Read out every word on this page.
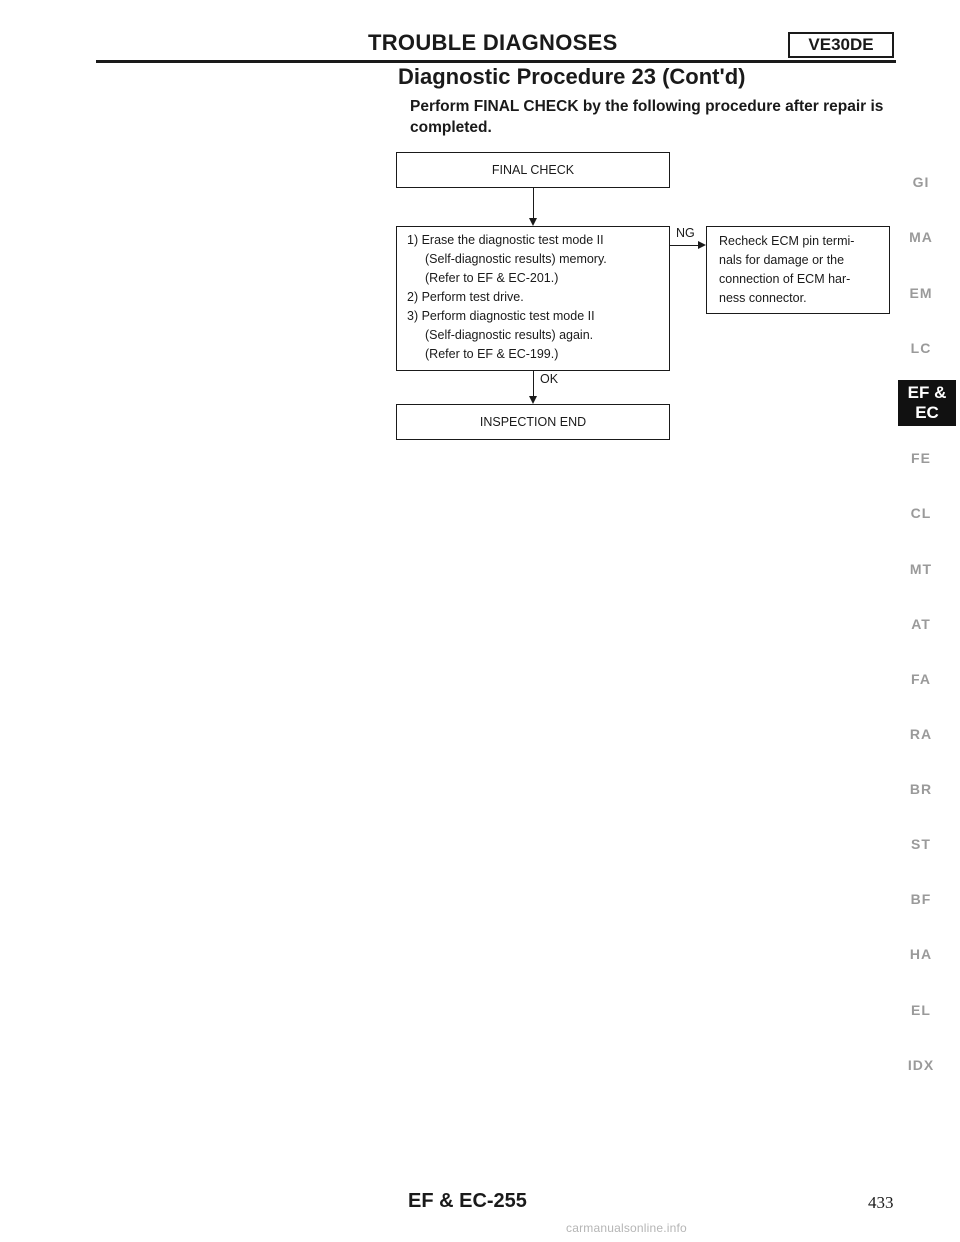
TROUBLE DIAGNOSES	VE30DE
Diagnostic Procedure 23 (Cont'd)
Perform FINAL CHECK by the following procedure after repair is completed.
FINAL CHECK
1) Erase the diagnostic test mode II
(Self-diagnostic results) memory.
(Refer to EF & EC-201.)
2) Perform test drive.
3) Perform diagnostic test mode II
(Self-diagnostic results) again.
(Refer to EF & EC-199.)
NG
Recheck ECM pin termi-
nals for damage or the
connection of ECM har-
ness connector.
OK
INSPECTION END
GI
MA
EM
LC
EF &
EC
FE
CL
MT
AT
FA
RA
BR
ST
BF
HA
EL
IDX
EF & EC-255	433
carmanualsonline.info
